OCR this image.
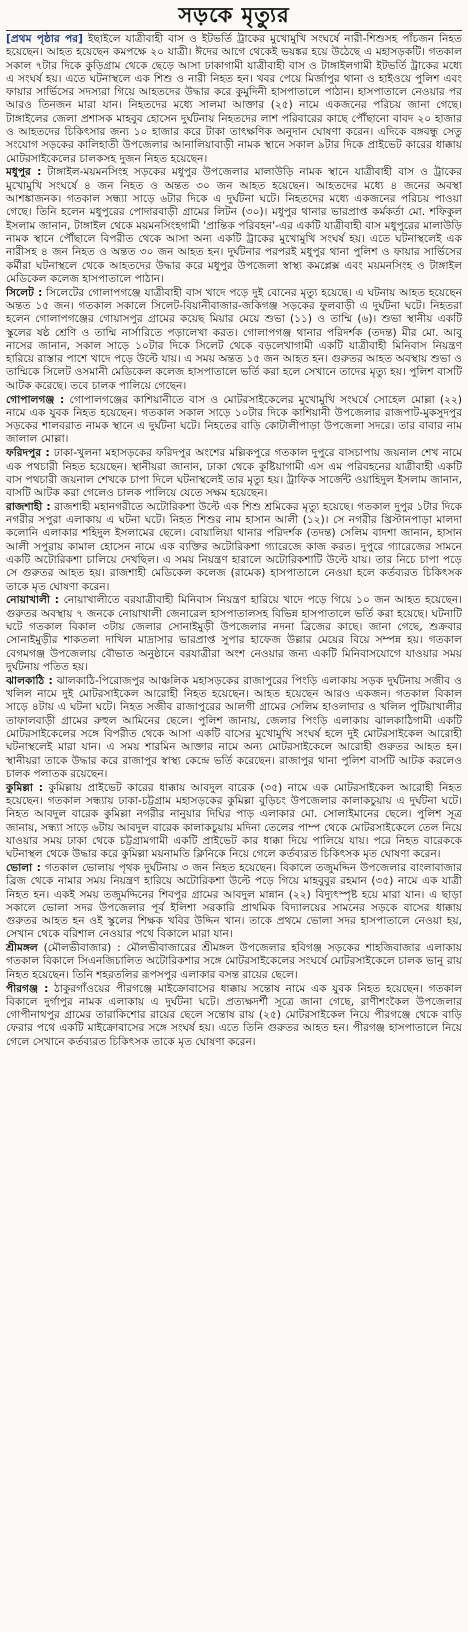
সড়কে মৃত্যুর

[প্রথম পৃষ্ঠার পর] ইছাইলে যাত্রীবাহী বাস ও ইটভর্তি ট্রাকের মুখোমুখি সংঘর্ষে নারী-শিশুসহ পাঁচজন নিহত হয়েছেন। আহত হয়েছেন কমপক্ষে ২০ যাত্রী। ঈদের আগে থেকেই ভয়ঙ্কর হয়ে উঠেছে এ মহাসড়কটি। গতকাল সকাল ৭টার দিকে কুড়িগ্রাম থেকে ছেড়ে আসা ঢাকাগামী যাত্রীবাহী বাস ও টাঙ্গাইলগামী ইটভর্তি ট্রাকের মধ্যে এ সংঘর্ষ হয়। এতে ঘটনাস্থলে এক শিশু ও নারী নিহত হন। খবর পেয়ে মির্জাপুর থানা ও হাইওয়ে পুলিশ এবং ফায়ার সার্ভিসের সদস্যরা গিয়ে আহতদের উদ্ধার করে কুমুদিনী হাসপাতালে পাঠান। হাসপাতালে নেওয়ার পর আরও তিনজন মারা যান। নিহতদের মধ্যে সালমা আক্তার (২৫) নামে একজনের পরিচয় জানা গেছে। টাঙ্গাইলের জেলা প্রশাসক মাহবুব হোসেন দুর্ঘটনায় নিহতদের লাশ পরিবারের কাছে পৌঁছানো বাবদ ২০ হাজার ও আহতদের চিকিৎসার জন্য ১০ হাজার করে টাকা তাৎক্ষণিক অনুদান ঘোষণা করেন। এদিকে বঙ্গবন্ধু সেতু সংযোগ সড়কের কালিহাতী উপজেলার আনালিয়াবাড়ী নামক স্থানে সকাল ৯টার দিকে প্রাইভেট কারের ধাক্কায় মোটরসাইকেলের চালকসহ দুজন নিহত হয়েছেন।

মধুপুর : টাঙ্গাইল-ময়মনসিংহ সড়কের মধুপুর উপজেলার মালাউড়ি নামক স্থানে যাত্রীবাহী বাস ও ট্রাকের মুখোমুখি সংঘর্ষে ৪ জন নিহত ও অন্তত ৩০ জন আহত হয়েছেন। আহতদের মধ্যে ৪ জনের অবস্থা আশঙ্কাজনক। গতকাল সন্ধ্যা সাড়ে ৬টার দিকে এ দুর্ঘটনা ঘটে। নিহতদের মধ্যে একজনের পরিচয় পাওয়া গেছে। তিনি হলেন মধুপুরের পোদারবাড়ী গ্রামের লিটন (৩০)। মধুপুর থানার ভারপ্রাপ্ত কর্মকর্তা মো. শফিকুল ইসলাম জানান, টাঙ্গাইল থেকে ময়মনসিংহগামী 'প্রান্তিক পরিবহন'-এর একটি যাত্রীবাহী বাস মধুপুরের মালাউড়ি নামক স্থানে পৌঁছালে বিপরীত থেকে আসা অন্য একটি ট্রাকের মুখোমুখি সংঘর্ষ হয়। এতে ঘটনাস্থলেই এক নারীসহ ৪ জন নিহত ও অন্তত ৩০ জন আহত হন। দুর্ঘটনার পরপরই মধুপুর থানা পুলিশ ও ফায়ার সার্ভিসের কর্মীরা ঘটনাস্থলে থেকে আহতদের উদ্ধার করে মধুপুর উপজেলা স্বাস্থ্য কমপ্লেক্স এবং ময়মনসিংহ ও টাঙ্গাইল মেডিকেল কলেজ হাসপাতালে পাঠান।

সিলেট : সিলেটের গোলাপগঞ্জে যাত্রীবাহী বাস খাদে পড়ে দুই বোনের মৃত্যু হয়েছে। এ ঘটনায় আহত হয়েছেন অন্তত ১৫ জন। গতকাল সকালে সিলেট-বিয়ানীবাজার-জকিগঞ্জ সড়কের ফুলবাড়ী এ দুর্ঘটনা ঘটে। নিহতরা হলেন গোলাপগঞ্জের গোয়াসপুর গ্রামের কয়েছ মিয়ার মেয়ে শুভা (১১) ও তাম্মি (৬)। শুভা স্থানীয় একটি স্কুলের ষষ্ঠ শ্রেণি ও তাম্মি নার্সারিতে পড়ালেখা করত। গোলাপগঞ্জ থানার পরিদর্শক (তদন্ত) মীর মো. আবু নাসের জানান, সকাল সাড়ে ১০টার দিকে সিলেট থেকে বড়লেখাগামী একটি যাত্রীবাহী মিনিবাস নিয়ন্ত্রণ হারিয়ে রাস্তার পাশে খাদে পড়ে উল্টে যায়। এ সময় অন্তত ১৫ জন আহত হন। গুরুতর আহত অবস্থায় শুভা ও তাম্মিকে সিলেট ওসমানী মেডিকেল কলেজ হাসপাতালে ভর্তি করা হলে সেখানে তাদের মৃত্যু হয়। পুলিশ বাসটি আটক করেছে। তবে চালক পালিয়ে গেছেন।

গোপালগঞ্জ : গোপালগঞ্জের কাশিয়ানীতে বাস ও মোটরসাইকেলের মুখোমুখি সংঘর্ষে সোহেল মোল্লা (২২) নামে এক যুবক নিহত হয়েছেন। গতকাল সকাল সাড়ে ১০টার দিকে কাশিয়ানী উপজেলার রাজপাট-মুকসুদপুর সড়কের শালবরাত নামক স্থানে এ দুর্ঘটনা ঘটে। নিহতের বাড়ি কোটালীপাড়া উপজেলা সদরে। তার বাবার নাম জালাল মোল্লা।

ফরিদপুর : ঢাকা-খুলনা মহাসড়কের ফরিদপুর অংশের মল্লিকপুরে গতকাল দুপুরে বাসচাপায় জয়নাল শেখ নামে এক পথচারী নিহত হয়েছেন। স্থানীয়রা জানান, ঢাকা থেকে কুষ্টিয়াগামী এস এম পরিবহনের যাত্রীবাহী একটি বাস পথচারী জয়নাল শেখকে চাপা দিলে ঘটনাস্থলেই তার মৃত্যু হয়। ট্রাফিক সার্জেন্ট ওয়াহিদুল ইসলাম জানান, বাসটি আটক করা গেলেও চালক পালিয়ে যেতে সক্ষম হয়েছেন।

রাজশাহী : রাজশাহী মহানগরীতে অটোরিকশা উল্টে এক শিশু শ্রমিকের মৃত্যু হয়েছে। গতকাল দুপুর ১টার দিকে নগরীর সপুরা এলাকায় এ ঘটনা ঘটে। নিহত শিশুর নাম হাসান আলী (১২)। সে নগরীর খ্রিস্টানপাড়া মালদা কলোনি এলাকার শহিদুল ইসলামের ছেলে। বোয়ালিয়া থানার পরিদর্শক (তদন্ত) সেলিম বাদশা জানান, হাসান আলী সপুরায় কামাল হোসেন নামে এক ব্যক্তির অটোরিকশা গ্যারেজে কাজ করত। দুপুরে গ্যারেজের সামনে একটি অটোরিকশা চালিয়ে দেখছিল। এ সময় নিয়ন্ত্রণ হারালে অটোরিকশাটি উল্টে যায়। তার নিচে চাপা পড়ে সে গুরুতর আহত হয়। রাজশাহী মেডিকেল কলেজ (রামেক) হাসপাতালে নেওয়া হলে কর্তব্যরত চিকিৎসক তাকে মৃত ঘোষণা করেন।

নোয়াখালী : নোয়াখালীতে বরযাত্রীবাহী মিনিবাস নিয়ন্ত্রণ হারিয়ে খাদে পড়ে গিয়ে ১০ জন আহত হয়েছেন। গুরুতর অবস্থায় ৭ জনকে নোয়াখালী জেনারেল হাসপাতালসহ বিভিন্ন হাসপাতালে ভর্তি করা হয়েছে। ঘটনাটি ঘটে গতকাল বিকাল ৩টায় জেলার সোনাইমুড়ী উপজেলার নদনা ব্রিজের কাছে। জানা গেছে, শুক্রবার সোনাইমুড়ীর শাকতলা দাখিল মাদ্রাসার ভারপ্রাপ্ত সুপার হাফেজ উল্লার মেয়ের বিয়ে সম্পন্ন হয়। গতকাল বেগমগঞ্জ উপজেলায় বৌভাত অনুষ্ঠানে বরযাত্রীরা অংশ নেওয়ার জন্য একটি মিনিবাসযোগে যাওয়ার সময় দুর্ঘটনায় পতিত হয়।

ঝালকাঠি : ঝালকাঠি-পিরোজপুর আঞ্চলিক মহাসড়কের রাজাপুরের পিংড়ি এলাকায় সড়ক দুর্ঘটনায় সজীব ও খলিল নামে দুই মোটরসাইকেল আরোহী নিহত হয়েছেন। আহত হয়েছেন আরও একজন। গতকাল বিকাল সাড়ে ৪টায় এ ঘটনা ঘটে। নিহত সজীব রাজাপুরের আলগী গ্রামের সেলিম হাওলাদার ও খলিল পুটিয়াখালীর তাফালবাড়ী গ্রামের রুহুল আমিনের ছেলে। পুলিশ জানায়, জেলার পিংড়ি এলাকায় ঝালকাঠিগামী একটি মোটরসাইকেলের সঙ্গে বিপরীত থেকে আসা একটি বাসের মুখোমুখি সংঘর্ষ হলে দুই মোটরসাইকেল আরোহী ঘটনাস্থলেই মারা যান। এ সময় শারমিন আক্তার নামে অন্য মোটরসাইকেলে আরোহী গুরুতর আহত হন। স্থানীয়রা তাকে উদ্ধার করে রাজাপুর স্বাস্থ্য কেন্দ্রে ভর্তি করেছেন। রাজাপুর থানা পুলিশ বাসটি আটক করলেও চালক পলাতক রয়েছেন।

কুমিল্লা : কুমিল্লায় প্রাইভেট কারের ধাক্কায় আবদুল বারেক (৩৫) নামে এক মোটরসাইকেল আরোহী নিহত হয়েছেন। গতকাল সন্ধ্যায় ঢাকা-চট্টগ্রাম মহাসড়কের কুমিল্লা বুড়িচং উপজেলার কালাকচুয়ায় এ দুর্ঘটনা ঘটে। নিহত আবদুল বারেক কুমিল্লা নগরীর নানুয়ার দিঘির পাড় এলাকার মো. সোলাইমানের ছেলে। পুলিশ সূত্র জানায়, সন্ধ্যা সাড়ে ৬টায় আবদুল বারেক কালাকচুয়ায় মদিনা তেলের পাম্প থেকে মোটরসাইকেলে তেল নিয়ে যাওয়ার সময় ঢাকা থেকে চট্টগ্রামগামী একটি প্রাইভেট কার ধাক্কা দিয়ে পালিয়ে যায়। পরে নিহত বারেককে ঘটনাস্থল থেকে উদ্ধার করে কুমিল্লা ময়নামতি ক্লিনিকে নিয়ে গেলে কর্তব্যরত চিকিৎসক মৃত ঘোষণা করেন।

ভোলা : গতকাল ভোলায় পৃথক দুর্ঘটনায় ৩ জন নিহত হয়েছেন। বিকালে তজুমদ্দিন উপজেলার বাংলাবাজার ব্রিজ থেকে নামার সময় নিয়ন্ত্রণ হারিয়ে অটোরিকশা উল্টে পড়ে গিয়ে মাহবুবুর রহমান (৩৫) নামে এক যাত্রী নিহত হন। একই সময় তজুমদ্দিনের শিবপুর গ্রামের আবদুল মান্নান (২২) বিদ্যুৎস্পৃষ্ট হয়ে মারা যান। এ ছাড়া সকালে ভোলা সদর উপজেলার পূর্ব ইলিশা সরকারি প্রাথমিক বিদ্যালয়ের সামনের সড়কে বাসের ধাক্কায় গুরুতর আহত হন ওই স্কুলের শিক্ষক খবির উদ্দিন খান। তাকে প্রথমে ভোলা সদর হাসপাতালে নেওয়া হয়, সেখান থেকে বরিশাল নেওয়ার পথে বিকালে মারা যান।

শ্রীমঙ্গল (মৌলভীবাজার) : মৌলভীবাজারের শ্রীমঙ্গল উপজেলার হবিগঞ্জ সড়কের শাহজিবাজার এলাকায় গতকাল বিকালে সিএনজিচালিত অটোরিকশার সঙ্গে মোটরসাইকেলের সংঘর্ষে মোটরসাইকেলে চালক ভানু রায় নিহত হয়েছেন। তিনি শহরতলির রূপসপুর এলাকার বসন্ত রায়ের ছেলে।

পীরগঞ্জ : ঠাকুরগাঁওয়ের পীরগঞ্জে মাইক্রোবাসের ধাক্কায় সন্তোষ নামে এক যুবক নিহত হয়েছেন। গতকাল বিকালে দুর্গাপুর নামক এলাকায় এ দুর্ঘটনা ঘটে। প্রত্যক্ষদর্শী সূত্রে জানা গেছে, রাণীশংকৈল উপজেলার গোপীনাথপুর গ্রামের তারাকিশোর রায়ের ছেলে সন্তোষ রায় (২৫) মোটরসাইকেল নিয়ে পীরগঞ্জে থেকে বাড়ি ফেরার পথে একটি মাইক্রোবাসের সঙ্গে সংঘর্ষ হয়। এতে তিনি গুরুতর আহত হন। পীরগঞ্জ হাসপাতালে নিয়ে গেলে সেখানে কর্তব্যরত চিকিৎসক তাকে মৃত ঘোষণা করেন।
